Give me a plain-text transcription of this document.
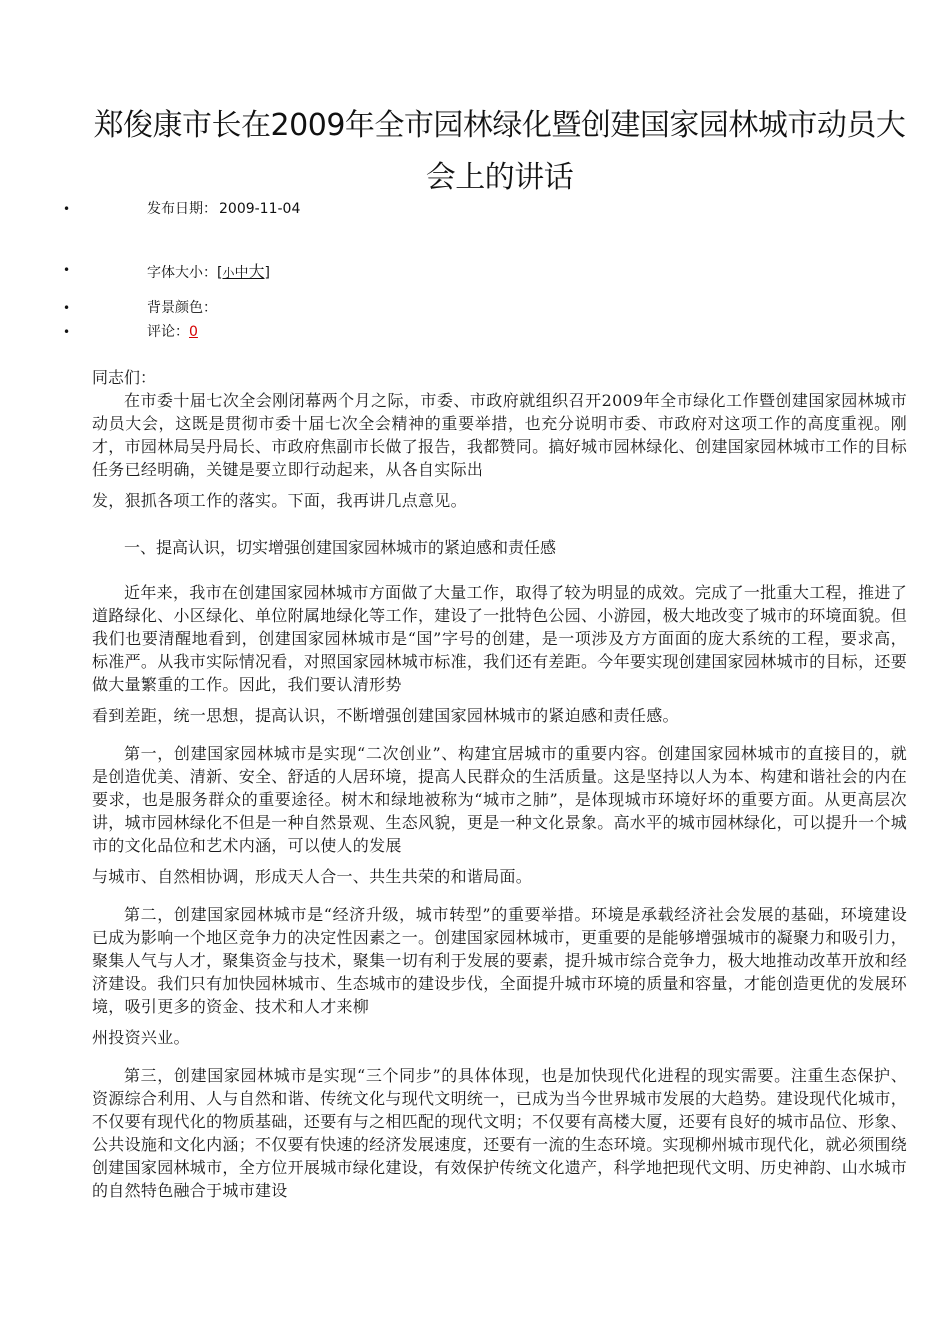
郑俊康市长在2009年全市园林绿化暨创建国家园林城市动员大会上的讲话
•	发布日期： 2009-11-04
•	字体大小：[小中大]
•	背景颜色：
•	评论：0

同志们：

在市委十届七次全会刚闭幕两个月之际，市委、市政府就组织召开2009年全市绿化工作暨创建国家园林城市动员大会，这既是贯彻市委十届七次全会精神的重要举措，也充分说明市委、市政府对这项工作的高度重视。刚才，市园林局吴丹局长、市政府焦副市长做了报告，我都赞同。搞好城市园林绿化、创建国家园林城市工作的目标任务已经明确，关键是要立即行动起来，从各自实际出

发，狠抓各项工作的落实。下面，我再讲几点意见。

一、提高认识，切实增强创建国家园林城市的紧迫感和责任感

近年来，我市在创建国家园林城市方面做了大量工作，取得了较为明显的成效。完成了一批重大工程，推进了道路绿化、小区绿化、单位附属地绿化等工作，建设了一批特色公园、小游园，极大地改变了城市的环境面貌。但我们也要清醒地看到，创建国家园林城市是“国”字号的创建，是一项涉及方方面面的庞大系统的工程，要求高，标准严。从我市实际情况看，对照国家园林城市标准，我们还有差距。今年要实现创建国家园林城市的目标，还要做大量繁重的工作。因此，我们要认清形势

看到差距，统一思想，提高认识，不断增强创建国家园林城市的紧迫感和责任感。

第一，创建国家园林城市是实现“二次创业”、构建宜居城市的重要内容。创建国家园林城市的直接目的，就是创造优美、清新、安全、舒适的人居环境，提高人民群众的生活质量。这是坚持以人为本、构建和谐社会的内在要求，也是服务群众的重要途径。树木和绿地被称为“城市之肺”，是体现城市环境好坏的重要方面。从更高层次讲，城市园林绿化不但是一种自然景观、生态风貌，更是一种文化景象。高水平的城市园林绿化，可以提升一个城市的文化品位和艺术内涵，可以使人的发展

与城市、自然相协调，形成天人合一、共生共荣的和谐局面。

第二，创建国家园林城市是“经济升级，城市转型”的重要举措。环境是承载经济社会发展的基础，环境建设已成为影响一个地区竞争力的决定性因素之一。创建国家园林城市，更重要的是能够增强城市的凝聚力和吸引力，聚集人气与人才，聚集资金与技术，聚集一切有利于发展的要素，提升城市综合竞争力，极大地推动改革开放和经济建设。我们只有加快园林城市、生态城市的建设步伐，全面提升城市环境的质量和容量，才能创造更优的发展环境，吸引更多的资金、技术和人才来柳

州投资兴业。

第三，创建国家园林城市是实现“三个同步”的具体体现，也是加快现代化进程的现实需要。注重生态保护、资源综合利用、人与自然和谐、传统文化与现代文明统一，已成为当今世界城市发展的大趋势。建设现代化城市，不仅要有现代化的物质基础，还要有与之相匹配的现代文明；不仅要有高楼大厦，还要有良好的城市品位、形象、公共设施和文化内涵；不仅要有快速的经济发展速度，还要有一流的生态环境。实现柳州城市现代化，就必须围绕创建国家园林城市，全方位开展城市绿化建设，有效保护传统文化遗产，科学地把现代文明、历史神韵、山水城市的自然特色融合于城市建设
